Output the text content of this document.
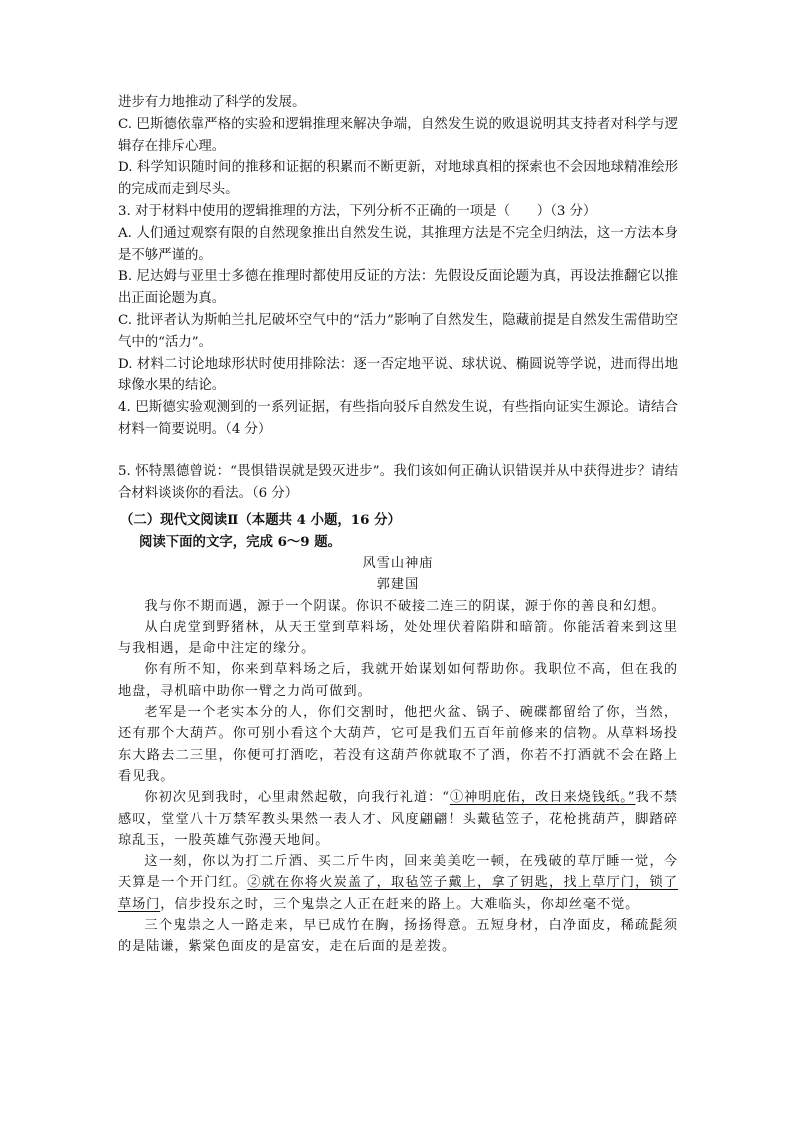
进步有力地推动了科学的发展。

C. 巴斯德依靠严格的实验和逻辑推理来解决争端，自然发生说的败退说明其支持者对科学与逻辑存在排斥心理。

D. 科学知识随时间的推移和证据的积累而不断更新，对地球真相的探索也不会因地球精准绘形的完成而走到尽头。

3. 对于材料中使用的逻辑推理的方法，下列分析不正确的一项是（　　）（3 分）

A. 人们通过观察有限的自然现象推出自然发生说，其推理方法是不完全归纳法，这一方法本身是不够严谨的。

B. 尼达姆与亚里士多德在推理时都使用反证的方法：先假设反面论题为真，再设法推翻它以推出正面论题为真。

C. 批评者认为斯帕兰扎尼破坏空气中的“活力”影响了自然发生，隐藏前提是自然发生需借助空气中的“活力”。

D. 材料二讨论地球形状时使用排除法：逐一否定地平说、球状说、椭圆说等学说，进而得出地球像水果的结论。

4. 巴斯德实验观测到的一系列证据，有些指向驳斥自然发生说，有些指向证实生源论。请结合材料一简要说明。（4 分）

5. 怀特黑德曾说：“畏惧错误就是毁灭进步”。我们该如何正确认识错误并从中获得进步？请结合材料谈谈你的看法。（6 分）

（二）现代文阅读Ⅱ（本题共 4 小题，16 分）

阅读下面的文字，完成 6～9 题。

风雪山神庙

郭建国

我与你不期而遇，源于一个阴谋。你识不破接二连三的阴谋，源于你的善良和幻想。

从白虎堂到野猪林，从天王堂到草料场，处处埋伏着陷阱和暗箭。你能活着来到这里与我相遇，是命中注定的缘分。

你有所不知，你来到草料场之后，我就开始谋划如何帮助你。我职位不高，但在我的地盘，寻机暗中助你一臂之力尚可做到。

老军是一个老实本分的人，你们交割时，他把火盆、锅子、碗碟都留给了你，当然，还有那个大葫芦。你可别小看这个大葫芦，它可是我们五百年前修来的信物。从草料场投东大路去二三里，你便可打酒吃，若没有这葫芦你就取不了酒，你若不打酒就不会在路上看见我。

你初次见到我时，心里肃然起敬，向我行礼道：“①神明庇佑，改日来烧钱纸。”我不禁感叹，堂堂八十万禁军教头果然一表人才、风度翩翩！头戴毡笠子，花枪挑葫芦，脚踏碎琼乱玉，一股英雄气弥漫天地间。

这一刻，你以为打二斤酒、买二斤牛肉，回来美美吃一顿，在残破的草厅睡一觉，今天算是一个开门红。②就在你将火炭盖了，取毡笠子戴上，拿了钥匙，找上草厅门，锁了草场门，信步投东之时，三个鬼祟之人正在赶来的路上。大难临头，你却丝毫不觉。

三个鬼祟之人一路走来，早已成竹在胸，扬扬得意。五短身材，白净面皮，稀疏髭须的是陆谦，紫棠色面皮的是富安，走在后面的是差拨。
